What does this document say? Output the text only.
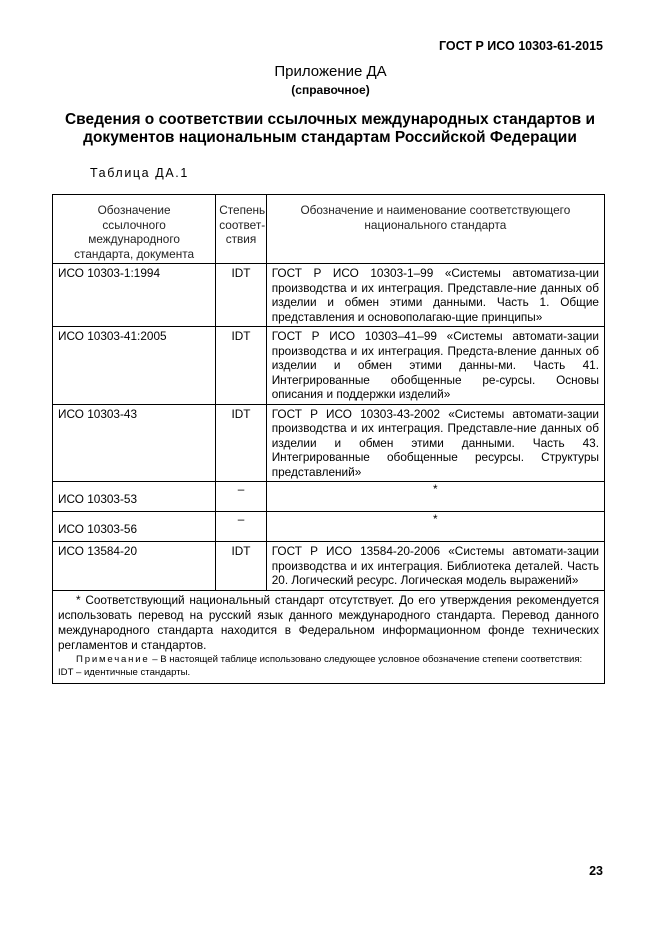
ГОСТ Р ИСО 10303-61-2015
Приложение ДА
(справочное)
Сведения о соответствии ссылочных международных стандартов и документов национальным стандартам Российской Федерации
Таблица ДА.1
Обозначение ссылочного международного стандарта, документа	Степень соответ-ствия	Обозначение и наименование соответствующего национального стандарта
ИСО 10303-1:1994	IDT	ГОСТ Р ИСО 10303-1–99 «Системы автоматиза-ции производства и их интеграция. Представле-ние данных об изделии и обмен этими данными. Часть 1. Общие представления и основополагаю-щие принципы»
ИСО 10303-41:2005	IDT	ГОСТ Р ИСО 10303–41–99 «Системы автомати-зации производства и их интеграция. Предста-вление данных об изделии и обмен этими данны-ми. Часть 41. Интегрированные обобщенные ре-сурсы. Основы описания и поддержки изделий»
ИСО 10303-43	IDT	ГОСТ Р ИСО 10303-43-2002 «Системы автомати-зации производства и их интеграция. Представле-ние данных об изделии и обмен этими данными. Часть 43. Интегрированные обобщенные ресурсы. Структуры представлений»
ИСО 10303-53	–	*
ИСО 10303-56	–	*
ИСО 13584-20	IDT	ГОСТ Р ИСО 13584-20-2006 «Системы автомати-зации производства и их интеграция. Библиотека деталей. Часть 20. Логический ресурс. Логическая модель выражений»

* Соответствующий национальный стандарт отсутствует. До его утверждения рекомендуется использовать перевод на русский язык данного международного стандарта. Перевод данного международного стандарта находится в Федеральном информационном фонде технических регламентов и стандартов.
Примечание – В настоящей таблице использовано следующее условное обозначение степени соответствия:
IDT – идентичные стандарты.		
23
